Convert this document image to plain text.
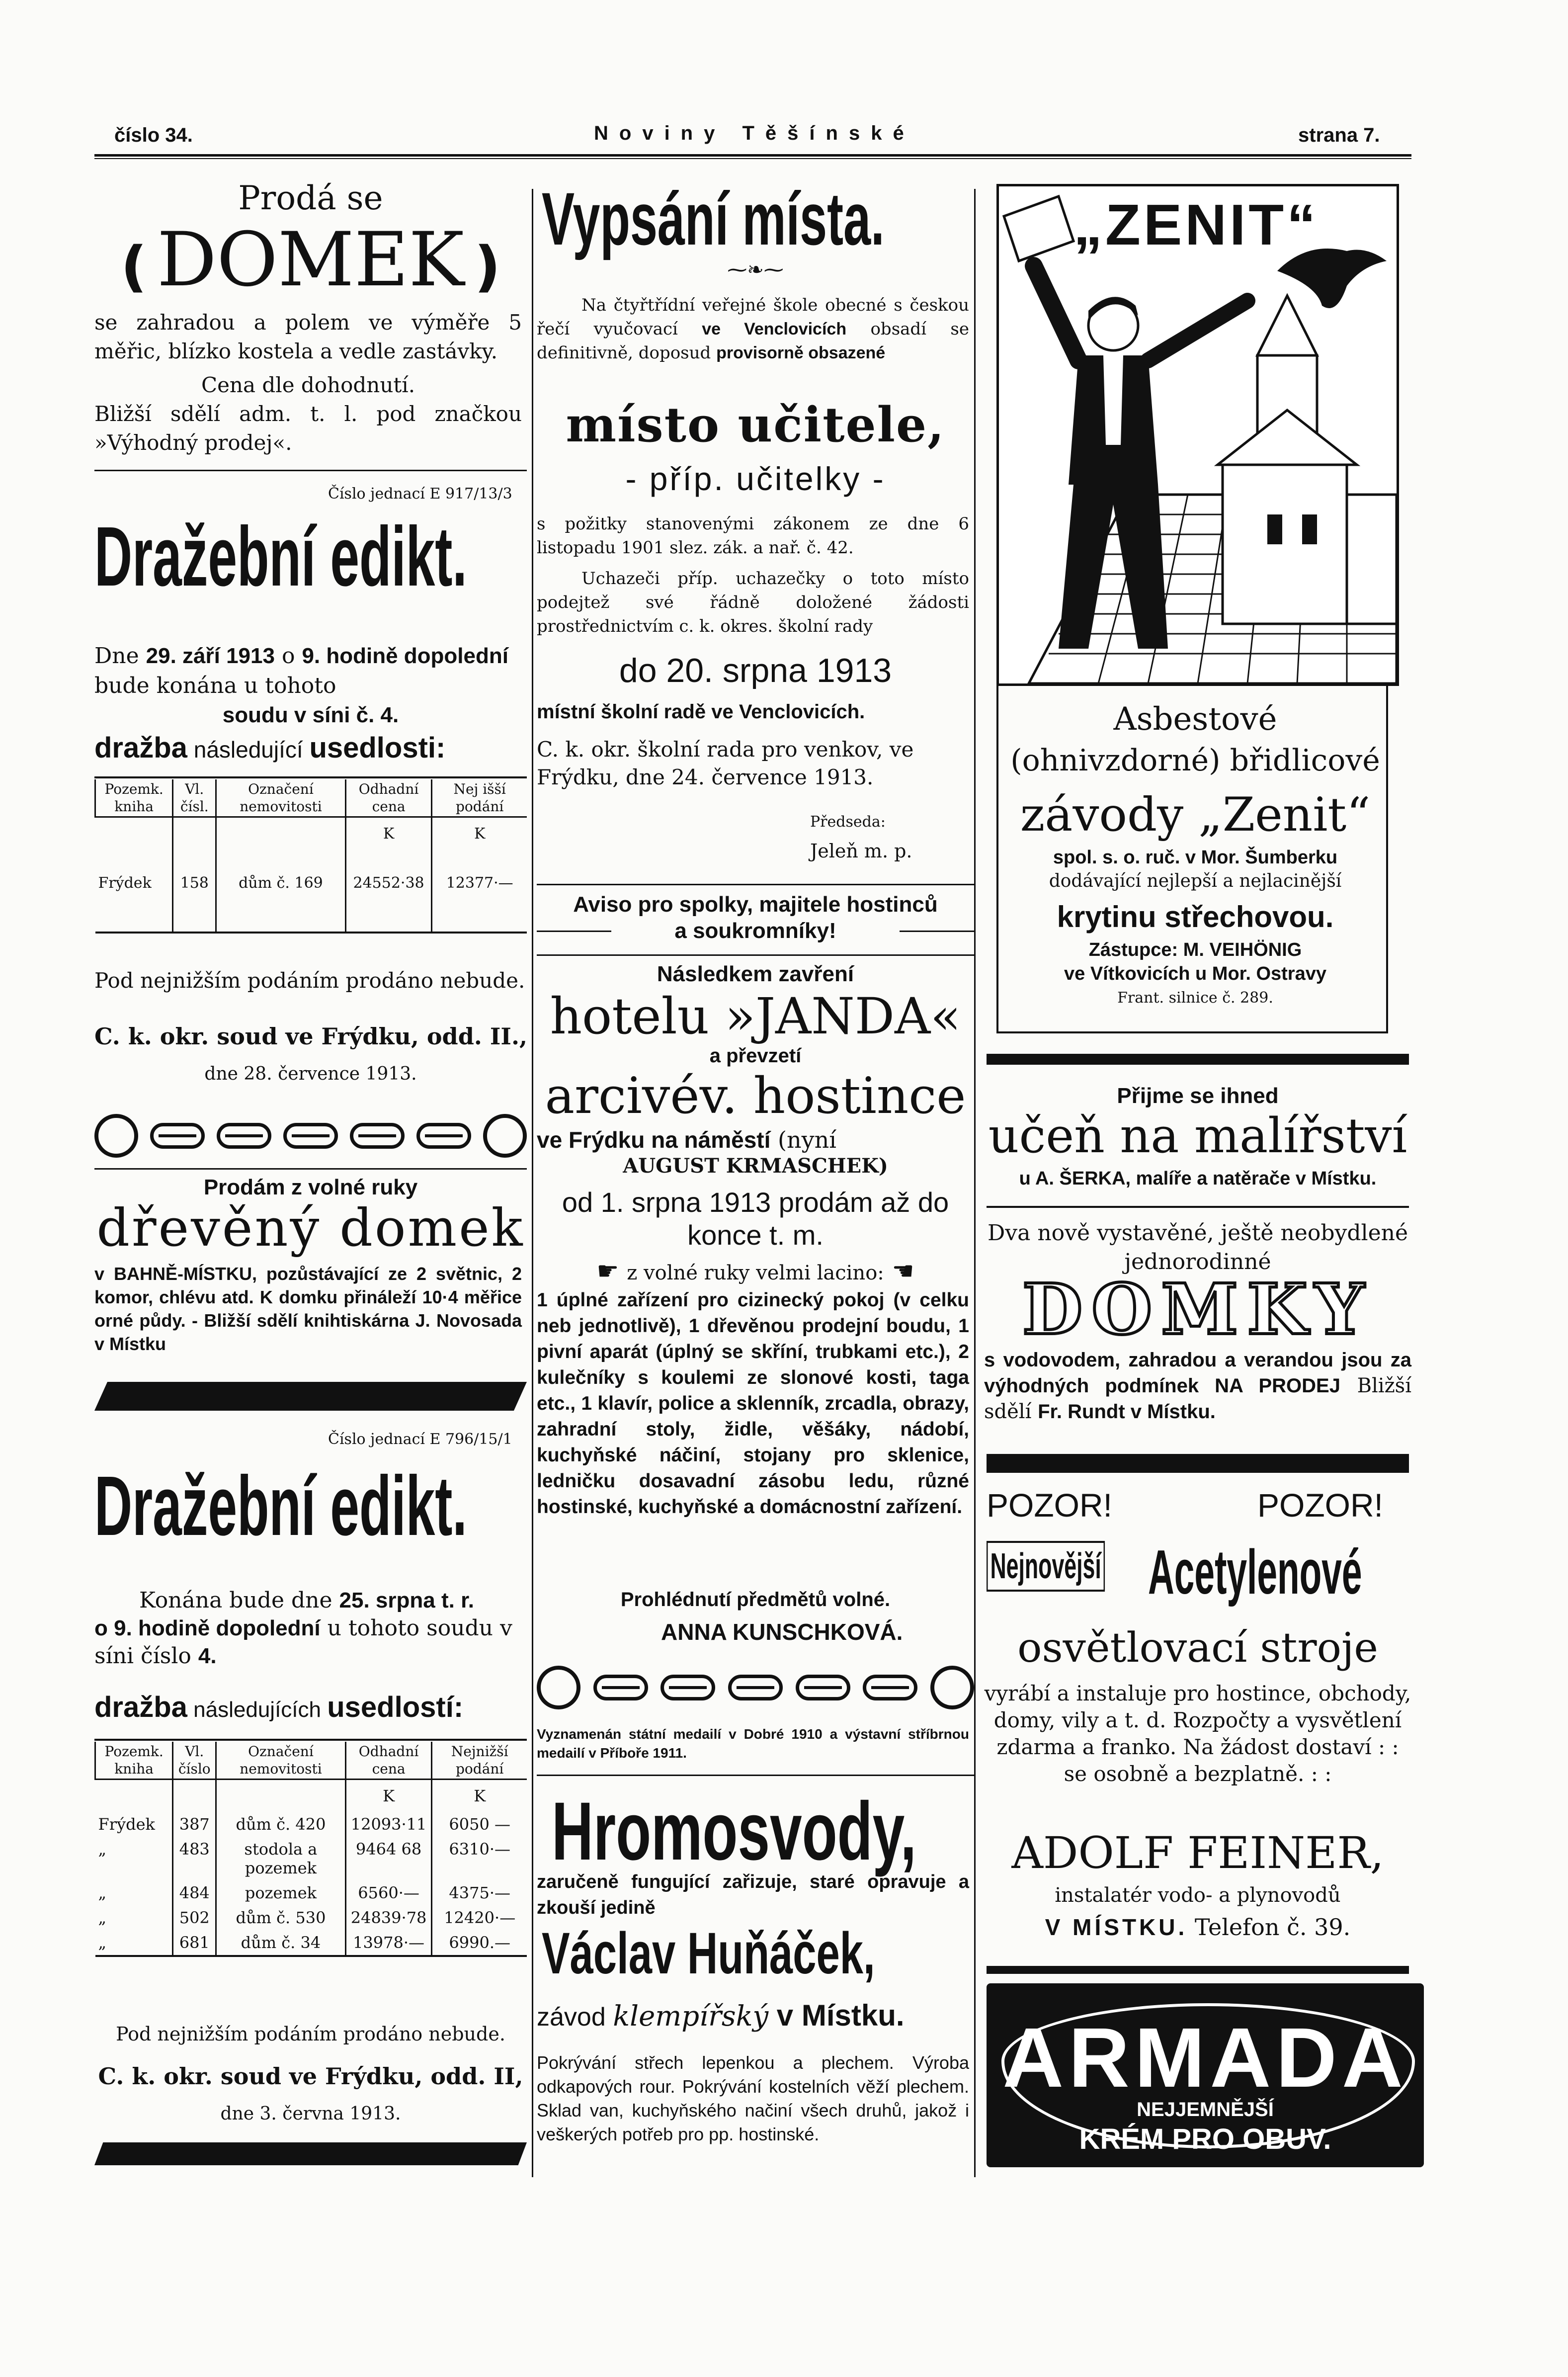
číslo 34.	Noviny Těšínské	strana 7.
Prodá se
❪DOMEK❫
se zahradou a polem ve výměře 5 měřic, blízko kostela a vedle zastávky.
Cena dle dohodnutí.
Bližší sdělí adm. t. l. pod značkou »Výhodný prodej«.
Číslo jednací E 917/13/3
Dražební edikt.
Dne 29. září 1913 o 9. hodině dopolední bude konána u tohoto
soudu v síni č. 4.
dražba následující usedlosti:
Pozemk. kniha	Vl. čísl.	Označení nemovitosti	Odhadní cena	Nej išší podání
			K	K
Frýdek	158	dům č. 169	24552·38	12377·—
Pod nejnižším podáním prodáno nebude.
C. k. okr. soud ve Frýdku, odd. II.,
dne 28. července 1913.
Prodám z volné ruky
dřevěný domek
v BAHNĚ-MÍSTKU, pozůstávající ze 2 světnic, 2 komor, chlévu atd. K domku přináleží 10·4 měřice orné půdy. - Bližší sdělí knihtiskárna J. Novosada v Místku
Číslo jednací E 796/15/1
Dražební edikt.
Konána bude dne 25. srpna t. r.
o 9. hodině dopolední u tohoto soudu v síni číslo 4.
dražba následujících usedlostí:
Pozemk. kniha	Vl. číslo	Označení nemovitosti	Odhadní cena	Nejnižší podání
			K	K
Frýdek	387	dům č. 420	12093·11	6050 —
„	483	stodola a pozemek	9464 68	6310·—
„	484	pozemek	6560·—	4375·—
„	502	dům č. 530	24839·78	12420·—
„	681	dům č. 34	13978·—	6990.—
Pod nejnižším podáním prodáno nebude.
C. k. okr. soud ve Frýdku, odd. II,
dne 3. června 1913.
Vypsání místa.
⁓❧⁓
Na čtyřtřídní veřejné škole obecné s českou řečí vyučovací ve Venclovicích obsadí se definitivně, doposud provisorně obsazené
místo učitele,
- příp. učitelky -
s požitky stanovenými zákonem ze dne 6 listopadu 1901 slez. zák. a nař. č. 42.
Uchazeči příp. uchazečky o toto místo podejtež své řádně doložené žádosti prostřednictvím c. k. okres. školní rady
do 20. srpna 1913
místní školní radě ve Venclovicích.
C. k. okr. školní rada pro venkov, ve Frýdku, dne 24. července 1913.
Předseda:
Jeleň m. p.
Aviso pro spolky, majitele hostinců
a soukromníky!
Následkem zavření
hotelu »JANDA«
a převzetí
arcivév. hostince
ve Frýdku na náměstí (nyní
AUGUST KRMASCHEK)
od 1. srpna 1913 prodám až do konce t. m.
☛ z volné ruky velmi lacino: ☚
1 úplné zařízení pro cizinecký pokoj (v celku neb jednotlivě), 1 dřevěnou prodejní boudu, 1 pivní aparát (úplný se skříní, trubkami etc.), 2 kulečníky s koulemi ze slonové kosti, taga etc., 1 klavír, police a sklenník, zrcadla, obrazy, zahradní stoly, židle, věšáky, nádobí, kuchyňské náčiní, stojany pro sklenice, ledničku dosavadní zásobu ledu, různé hostinské, kuchyňské a domácnostní zařízení.
Prohlédnutí předmětů volné.
ANNA KUNSCHKOVÁ.
Vyznamenán státní medailí v Dobré 1910 a výstavní stříbrnou medailí v Příboře 1911.
Hromosvody,
zaručeně fungující zařizuje, staré opravuje a zkouší jedině
Václav Huňáček,
závod klempířský v Místku.
Pokrývání střech lepenkou a plechem. Výroba odkapových rour. Pokrývání kostelních věží plechem. Sklad van, kuchyňského načiní všech druhů, jakož i veškerých potřeb pro pp. hostinské.
„ZENIT“
Asbestové
(ohnivzdorné) břidlicové
závody „Zenit“
spol. s. o. ruč. v Mor. Šumberku
dodávající nejlepší a nejlacinější
krytinu střechovou.
Zástupce: M. VEIHÖNIG
ve Vítkovicích u Mor. Ostravy
Frant. silnice č. 289.
Přijme se ihned
učeň na malířství
u A. ŠERKA, malíře a natěrače v Místku.
Dva nově vystavěné, ještě neobydlené jednorodinné
DOMKY
s vodovodem, zahradou a verandou jsou za výhodných podmínek NA PRODEJ Bližší sdělí Fr. Rundt v Místku.
POZOR!	POZOR!
Nejnovější Acetylenové
osvětlovací stroje
vyrábí a instaluje pro hostince, obchody, domy, vily a t. d. Rozpočty a vysvětlení zdarma a franko. Na žádost dostaví : : se osobně a bezplatně. : :
ADOLF FEINER,
instalatér vodo- a plynovodů
V MÍSTKU. Telefon č. 39.
ARMADA
NEJJEMNĚJŠÍ
KRÉM PRO OBUV.
